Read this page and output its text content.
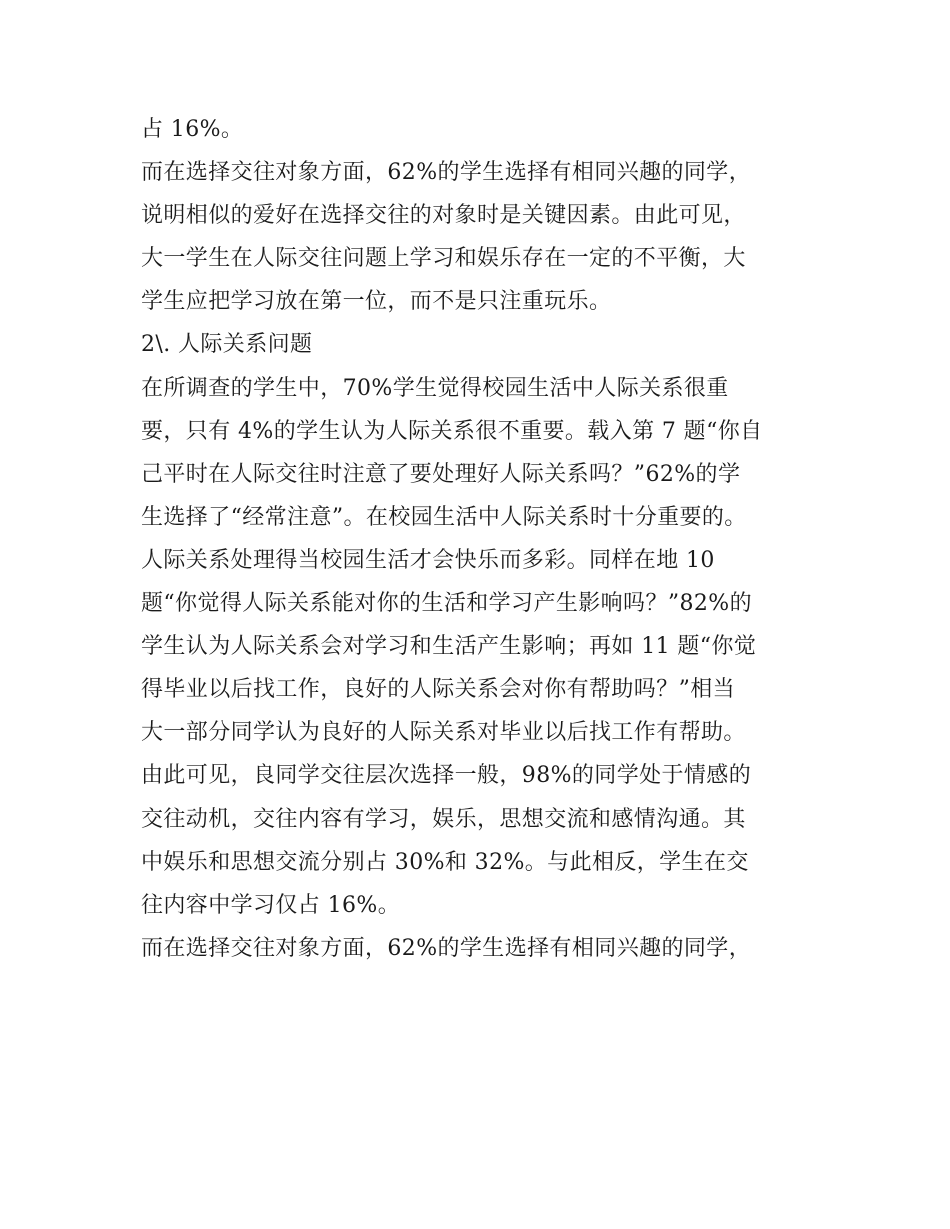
占 16%。
而在选择交往对象方面，62%的学生选择有相同兴趣的同学，
说明相似的爱好在选择交往的对象时是关键因素。由此可见，
大一学生在人际交往问题上学习和娱乐存在一定的不平衡，大
学生应把学习放在第一位，而不是只注重玩乐。
2\. 人际关系问题
在所调查的学生中，70%学生觉得校园生活中人际关系很重
要，只有 4%的学生认为人际关系很不重要。载入第 7 题“你自
己平时在人际交往时注意了要处理好人际关系吗？”62%的学
生选择了“经常注意”。在校园生活中人际关系时十分重要的。
人际关系处理得当校园生活才会快乐而多彩。同样在地 10
题“你觉得人际关系能对你的生活和学习产生影响吗？”82%的
学生认为人际关系会对学习和生活产生影响；再如 11 题“你觉
得毕业以后找工作，良好的人际关系会对你有帮助吗？”相当
大一部分同学认为良好的人际关系对毕业以后找工作有帮助。
由此可见，良同学交往层次选择一般，98%的同学处于情感的
交往动机，交往内容有学习，娱乐，思想交流和感情沟通。其
中娱乐和思想交流分别占 30%和 32%。与此相反，学生在交
往内容中学习仅占 16%。
而在选择交往对象方面，62%的学生选择有相同兴趣的同学，
